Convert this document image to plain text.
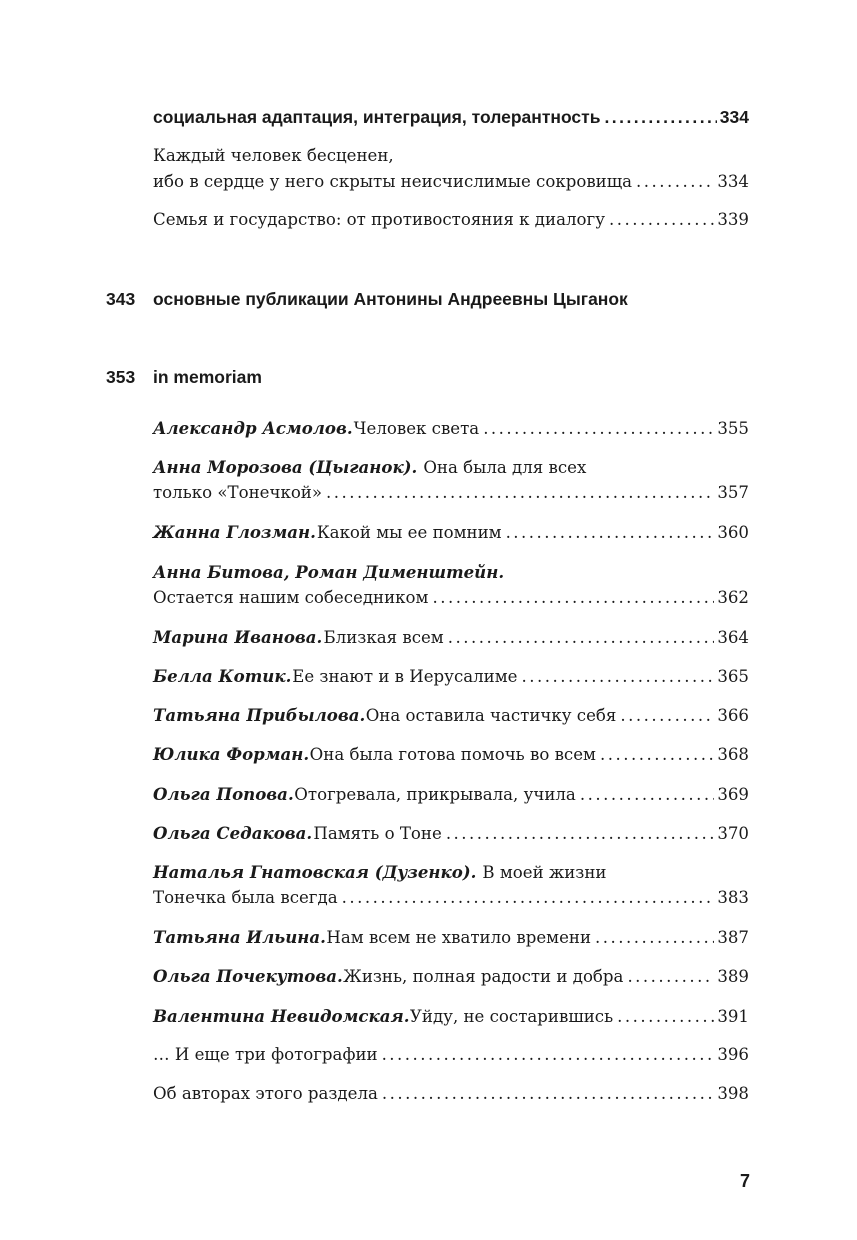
социальная адаптация, интеграция, толерантность . . .	334
Каждый человек бесценен,
ибо в сердце у него скрыты неисчислимые сокровища . . .	334
Семья и государство: от противостояния к диалогу . . .	339
343	основные публикации Антонины Андреевны Цыганок
353	in memoriam
Александр Асмолов. Человек света . . .	355
Анна Морозова (Цыганок). Она была для всех
только «Тонечкой» . . .	357
Жанна Глозман. Какой мы ее помним . . .	360
Анна Битова, Роман Дименштейн.
Остается нашим собеседником . . .	362
Марина Иванова. Близкая всем . . .	364
Белла Котик. Ее знают и в Иерусалиме . . .	365
Татьяна Прибылова. Она оставила частичку себя . . .	366
Юлика Форман. Она была готова помочь во всем . . .	368
Ольга Попова. Отогревала, прикрывала, учила . . .	369
Ольга Седакова. Память о Тоне . . .	370
Наталья Гнатовская (Дузенко). В моей жизни
Тонечка была всегда . . .	383
Татьяна Ильина. Нам всем не хватило времени . . .	387
Ольга Почекутова. Жизнь, полная радости и добра . . .	389
Валентина Невидомская. Уйду, не состарившись . . .	391
… И еще три фотографии . . .	396
Об авторах этого раздела . . .	398
7
